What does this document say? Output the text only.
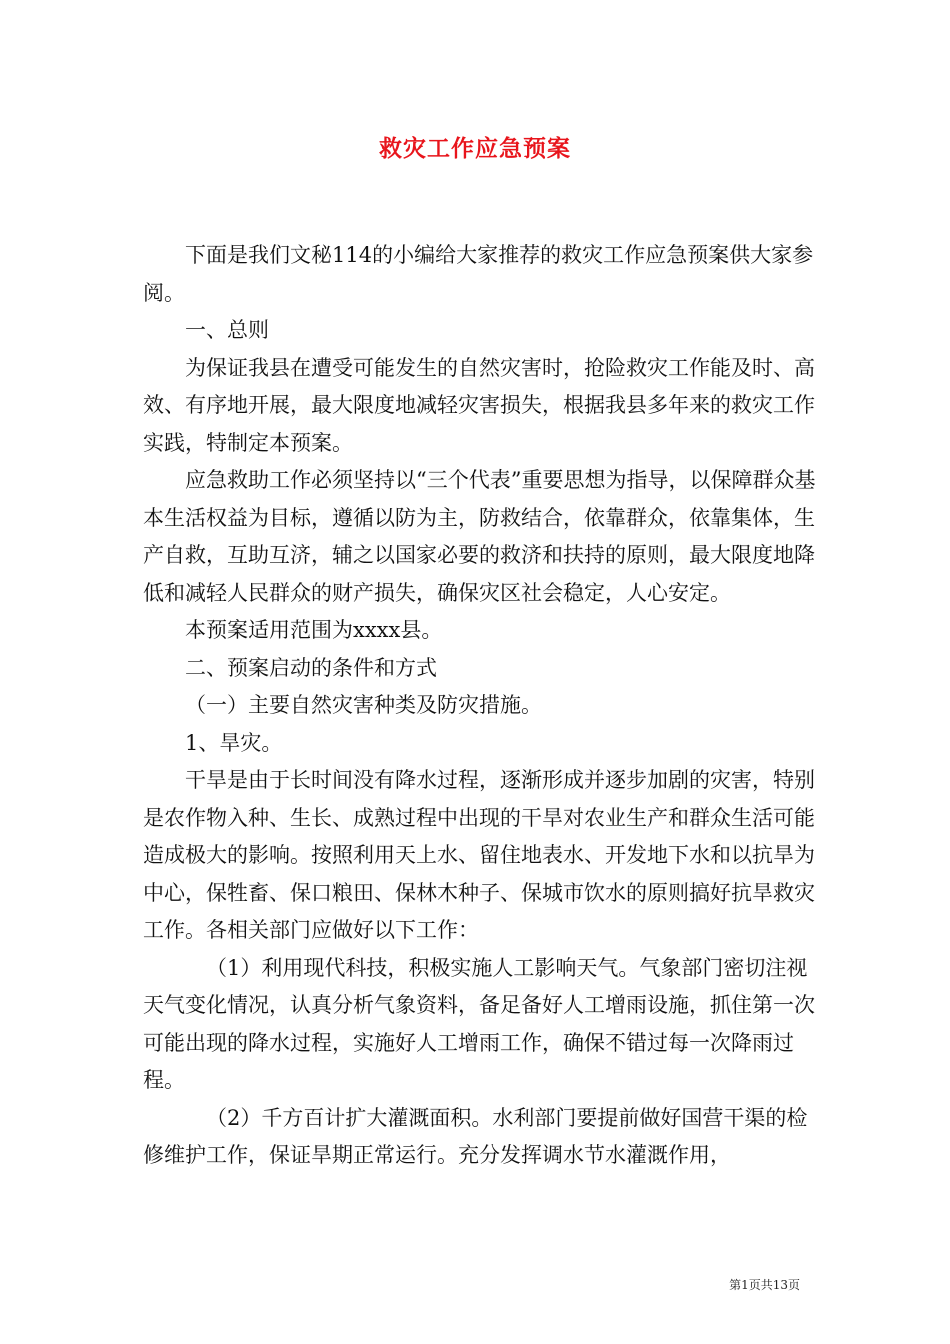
救灾工作应急预案

下面是我们文秘114的小编给大家推荐的救灾工作应急预案供大家参阅。

一、总则

为保证我县在遭受可能发生的自然灾害时，抢险救灾工作能及时、高效、有序地开展，最大限度地减轻灾害损失，根据我县多年来的救灾工作实践，特制定本预案。

应急救助工作必须坚持以“三个代表”重要思想为指导，以保障群众基本生活权益为目标，遵循以防为主，防救结合，依靠群众，依靠集体，生产自救，互助互济，辅之以国家必要的救济和扶持的原则，最大限度地降低和减轻人民群众的财产损失，确保灾区社会稳定，人心安定。

本预案适用范围为xxxx县。

二、预案启动的条件和方式

（一）主要自然灾害种类及防灾措施。

1、旱灾。

干旱是由于长时间没有降水过程，逐渐形成并逐步加剧的灾害，特别是农作物入种、生长、成熟过程中出现的干旱对农业生产和群众生活可能造成极大的影响。按照利用天上水、留住地表水、开发地下水和以抗旱为中心，保牲畜、保口粮田、保林木种子、保城市饮水的原则搞好抗旱救灾工作。各相关部门应做好以下工作：

（1）利用现代科技，积极实施人工影响天气。气象部门密切注视天气变化情况，认真分析气象资料，备足备好人工增雨设施，抓住第一次可能出现的降水过程，实施好人工增雨工作，确保不错过每一次降雨过程。

（2）千方百计扩大灌溉面积。水利部门要提前做好国营干渠的检修维护工作，保证旱期正常运行。充分发挥调水节水灌溉作用，

第1页共13页
